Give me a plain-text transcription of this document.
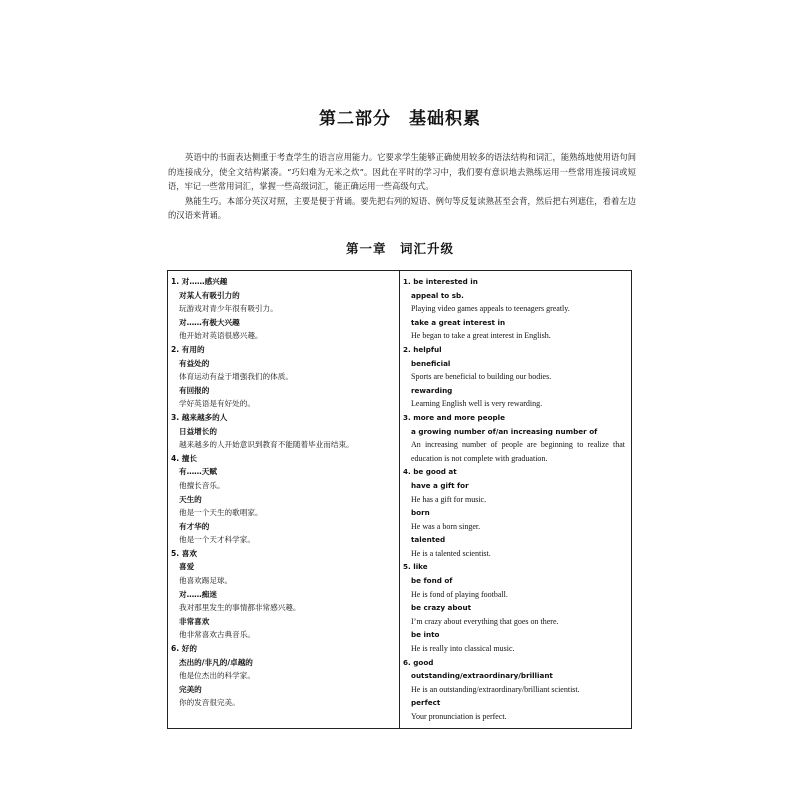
第二部分　基础积累

英语中的书面表达侧重于考查学生的语言应用能力。它要求学生能够正确使用较多的语法结构和词汇，能熟练地使用语句间的连接成分，使全文结构紧凑。“巧妇难为无米之炊”。因此在平时的学习中，我们要有意识地去熟练运用一些常用连接词或短语，牢记一些常用词汇，掌握一些高级词汇，能正确运用一些高级句式。

熟能生巧。本部分英汉对照，主要是便于背诵。要先把右列的短语、例句等反复读熟甚至会背，然后把右列遮住，看着左边的汉语来背诵。

第一章　词汇升级
1. 对……感兴趣
对某人有吸引力的
玩游戏对青少年很有吸引力。
对……有极大兴趣
他开始对英语很感兴趣。
2. 有用的
有益处的
体育运动有益于增强我们的体质。
有回报的
学好英语是有好处的。
3. 越来越多的人
日益增长的
越来越多的人开始意识到教育不能随着毕业而结束。
4. 擅长
有……天赋
他擅长音乐。
天生的
他是一个天生的歌唱家。
有才华的
他是一个天才科学家。
5. 喜欢
喜爱
他喜欢踢足球。
对……痴迷
我对那里发生的事情都非常感兴趣。
非常喜欢
他非常喜欢古典音乐。
6. 好的
杰出的/非凡的/卓越的
他是位杰出的科学家。
完美的
你的发音很完美。
1. be interested in
appeal to sb.
Playing video games appeals to teenagers greatly.
take a great interest in
He began to take a great interest in English.
2. helpful
beneficial
Sports are beneficial to building our bodies.
rewarding
Learning English well is very rewarding.
3. more and more people
a growing number of/an increasing number of
An increasing number of people are beginning to realize that education is not complete with graduation.
4. be good at
have a gift for
He has a gift for music.
born
He was a born singer.
talented
He is a talented scientist.
5. like
be fond of
He is fond of playing football.
be crazy about
I’m crazy about everything that goes on there.
be into
He is really into classical music.
6. good
outstanding/extraordinary/brilliant
He is an outstanding/extraordinary/brilliant scientist.
perfect
Your pronunciation is perfect.
